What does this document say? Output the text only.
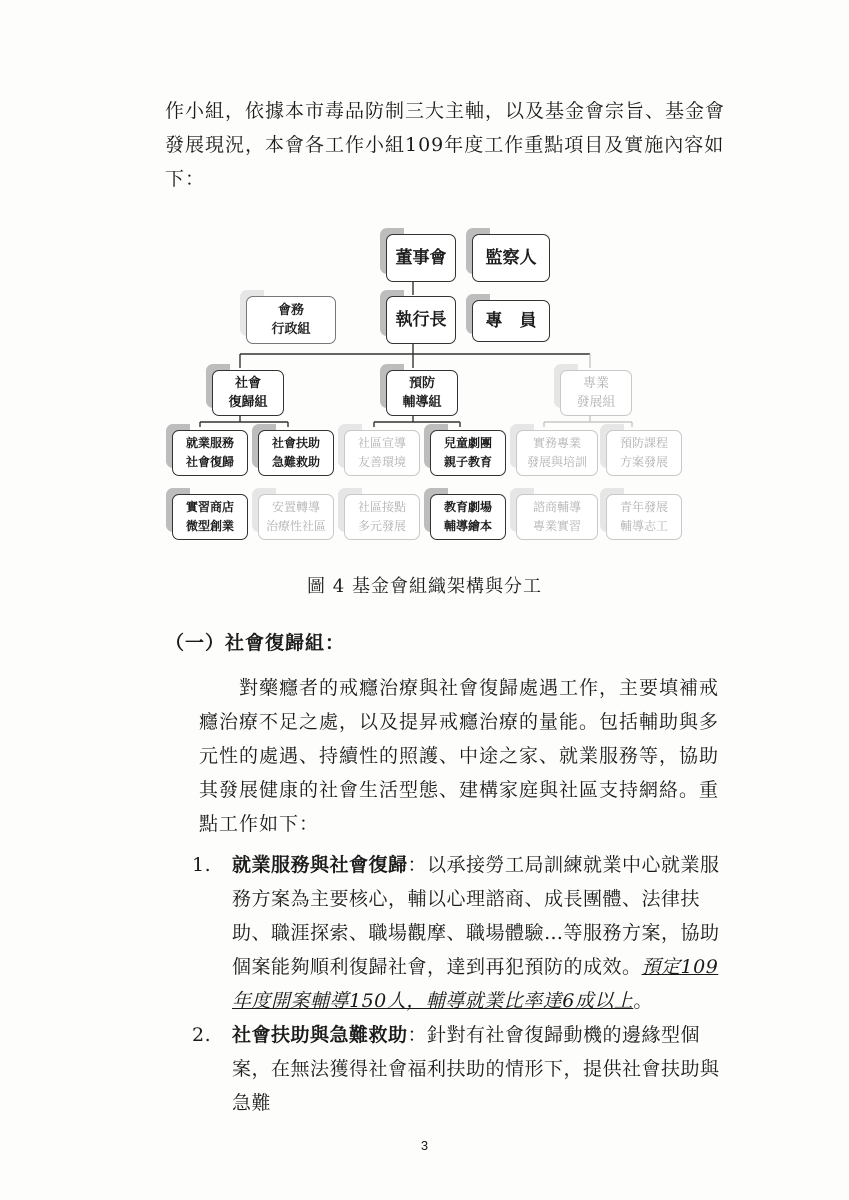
作小組，依據本市毒品防制三大主軸，以及基金會宗旨、基金會

發展現況，本會各工作小組109年度工作重點項目及實施內容如

下：

董事會	監察人
會務
行政組	執行長	專　員
社會
復歸組
預防
輔導組
專業
發展組
就業服務
社會復歸
社會扶助
急難救助
實習商店
微型創業
安置轉導
治療性社區
社區宣導
友善環境
兒童劇團
親子教育
社區接點
多元發展
教育劇場
輔導繪本
實務專業
發展與培訓
預防課程
方案發展
諮商輔導
專業實習
青年發展
輔導志工
圖 4 基金會組織架構與分工
（一）社會復歸組：

對藥癮者的戒癮治療與社會復歸處遇工作，主要填補戒癮治療不足之處，以及提昇戒癮治療的量能。包括輔助與多元性的處遇、持續性的照護、中途之家、就業服務等，協助其發展健康的社會生活型態、建構家庭與社區支持網絡。重點工作如下：

1.	就業服務與社會復歸：以承接勞工局訓練就業中心就業服務方案為主要核心，輔以心理諮商、成長團體、法律扶助、職涯探索、職場觀摩、職場體驗…等服務方案，協助個案能夠順利復歸社會，達到再犯預防的成效。預定109年度開案輔導150人，輔導就業比率達6成以上。
2.	社會扶助與急難救助：針對有社會復歸動機的邊緣型個案，在無法獲得社會福利扶助的情形下，提供社會扶助與急難
3
